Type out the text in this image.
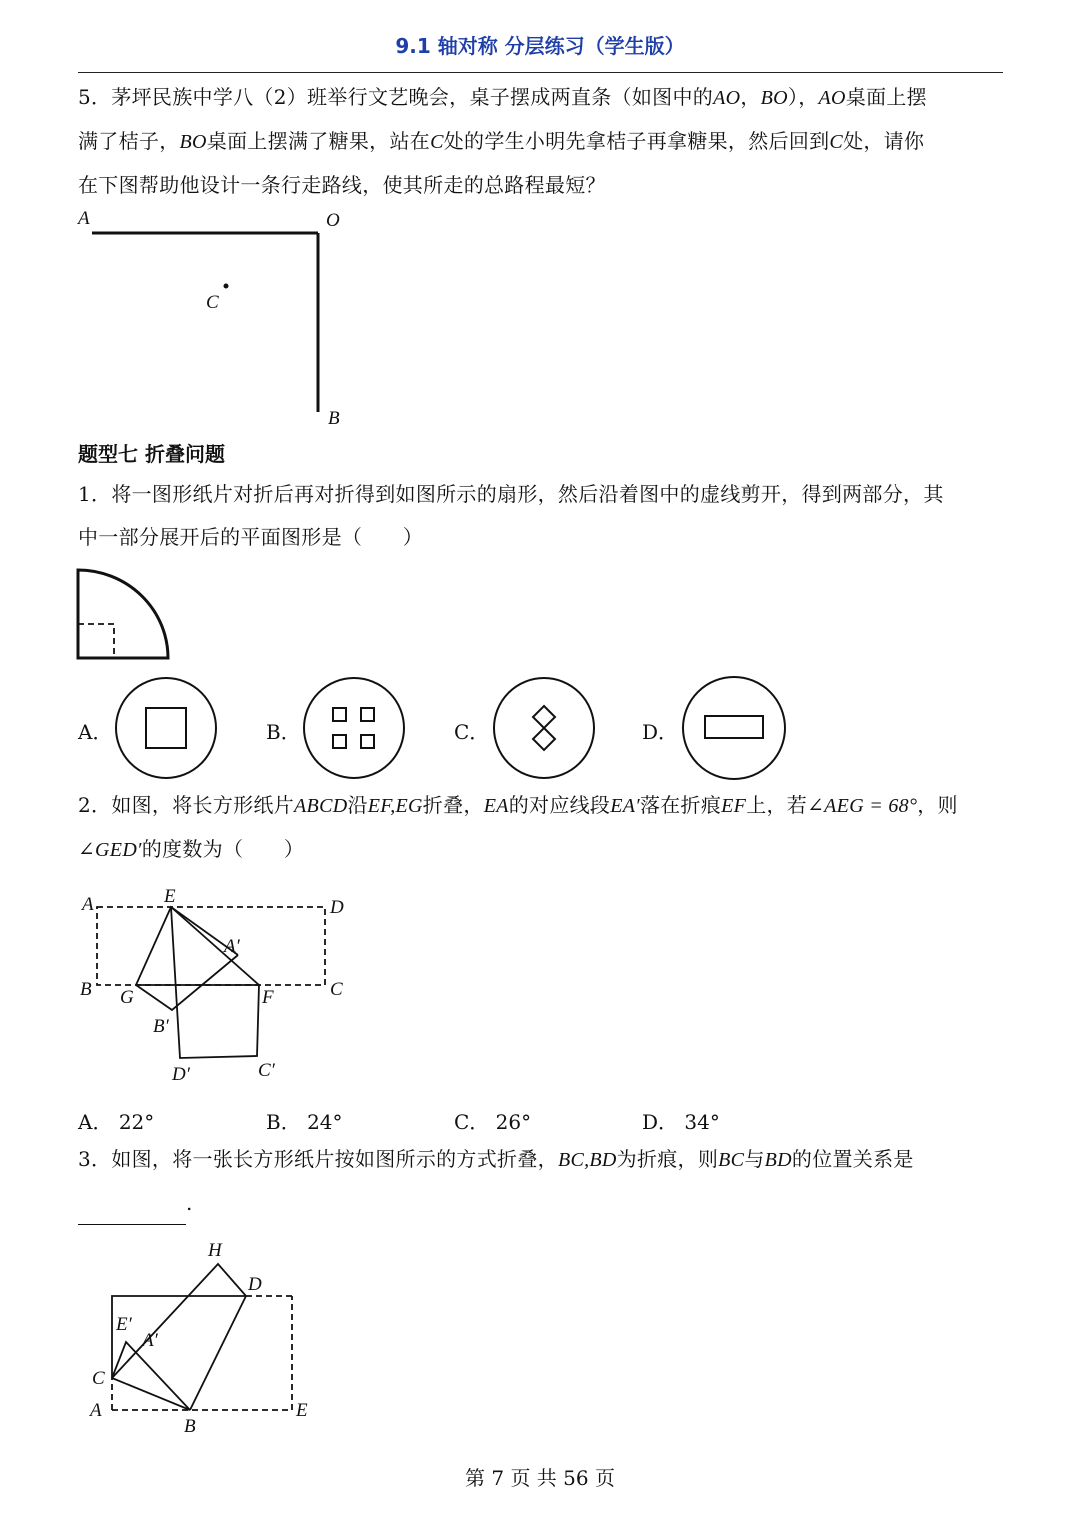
9.1 轴对称 分层练习（学生版）
5．茅坪民族中学八（2）班举行文艺晚会，桌子摆成两直条（如图中的AO，BO），AO桌面上摆
满了桔子，BO桌面上摆满了糖果，站在C处的学生小明先拿桔子再拿糖果，然后回到C处，请你
在下图帮助他设计一条行走路线，使其所走的总路程最短？
A	O
C
B
题型七 折叠问题
1．将一图形纸片对折后再对折得到如图所示的扇形，然后沿着图中的虚线剪开，得到两部分，其
中一部分展开后的平面图形是（　　）
A．	B．	C．	D．
2．如图，将长方形纸片ABCD沿EF,EG折叠，EA的对应线段EA′落在折痕EF上，若∠AEG = 68°，则
∠GED′的度数为（　　）
A	E
D
A′
B G	F	C
B′
D′	C′
A． 22°	B． 24°	C． 26°	D． 34°
3．如图，将一张长方形纸片按如图所示的方式折叠，BC,BD为折痕，则BC与BD的位置关系是
.
H
D
E′
A′
C
A
B
E
第 7 页 共 56 页
